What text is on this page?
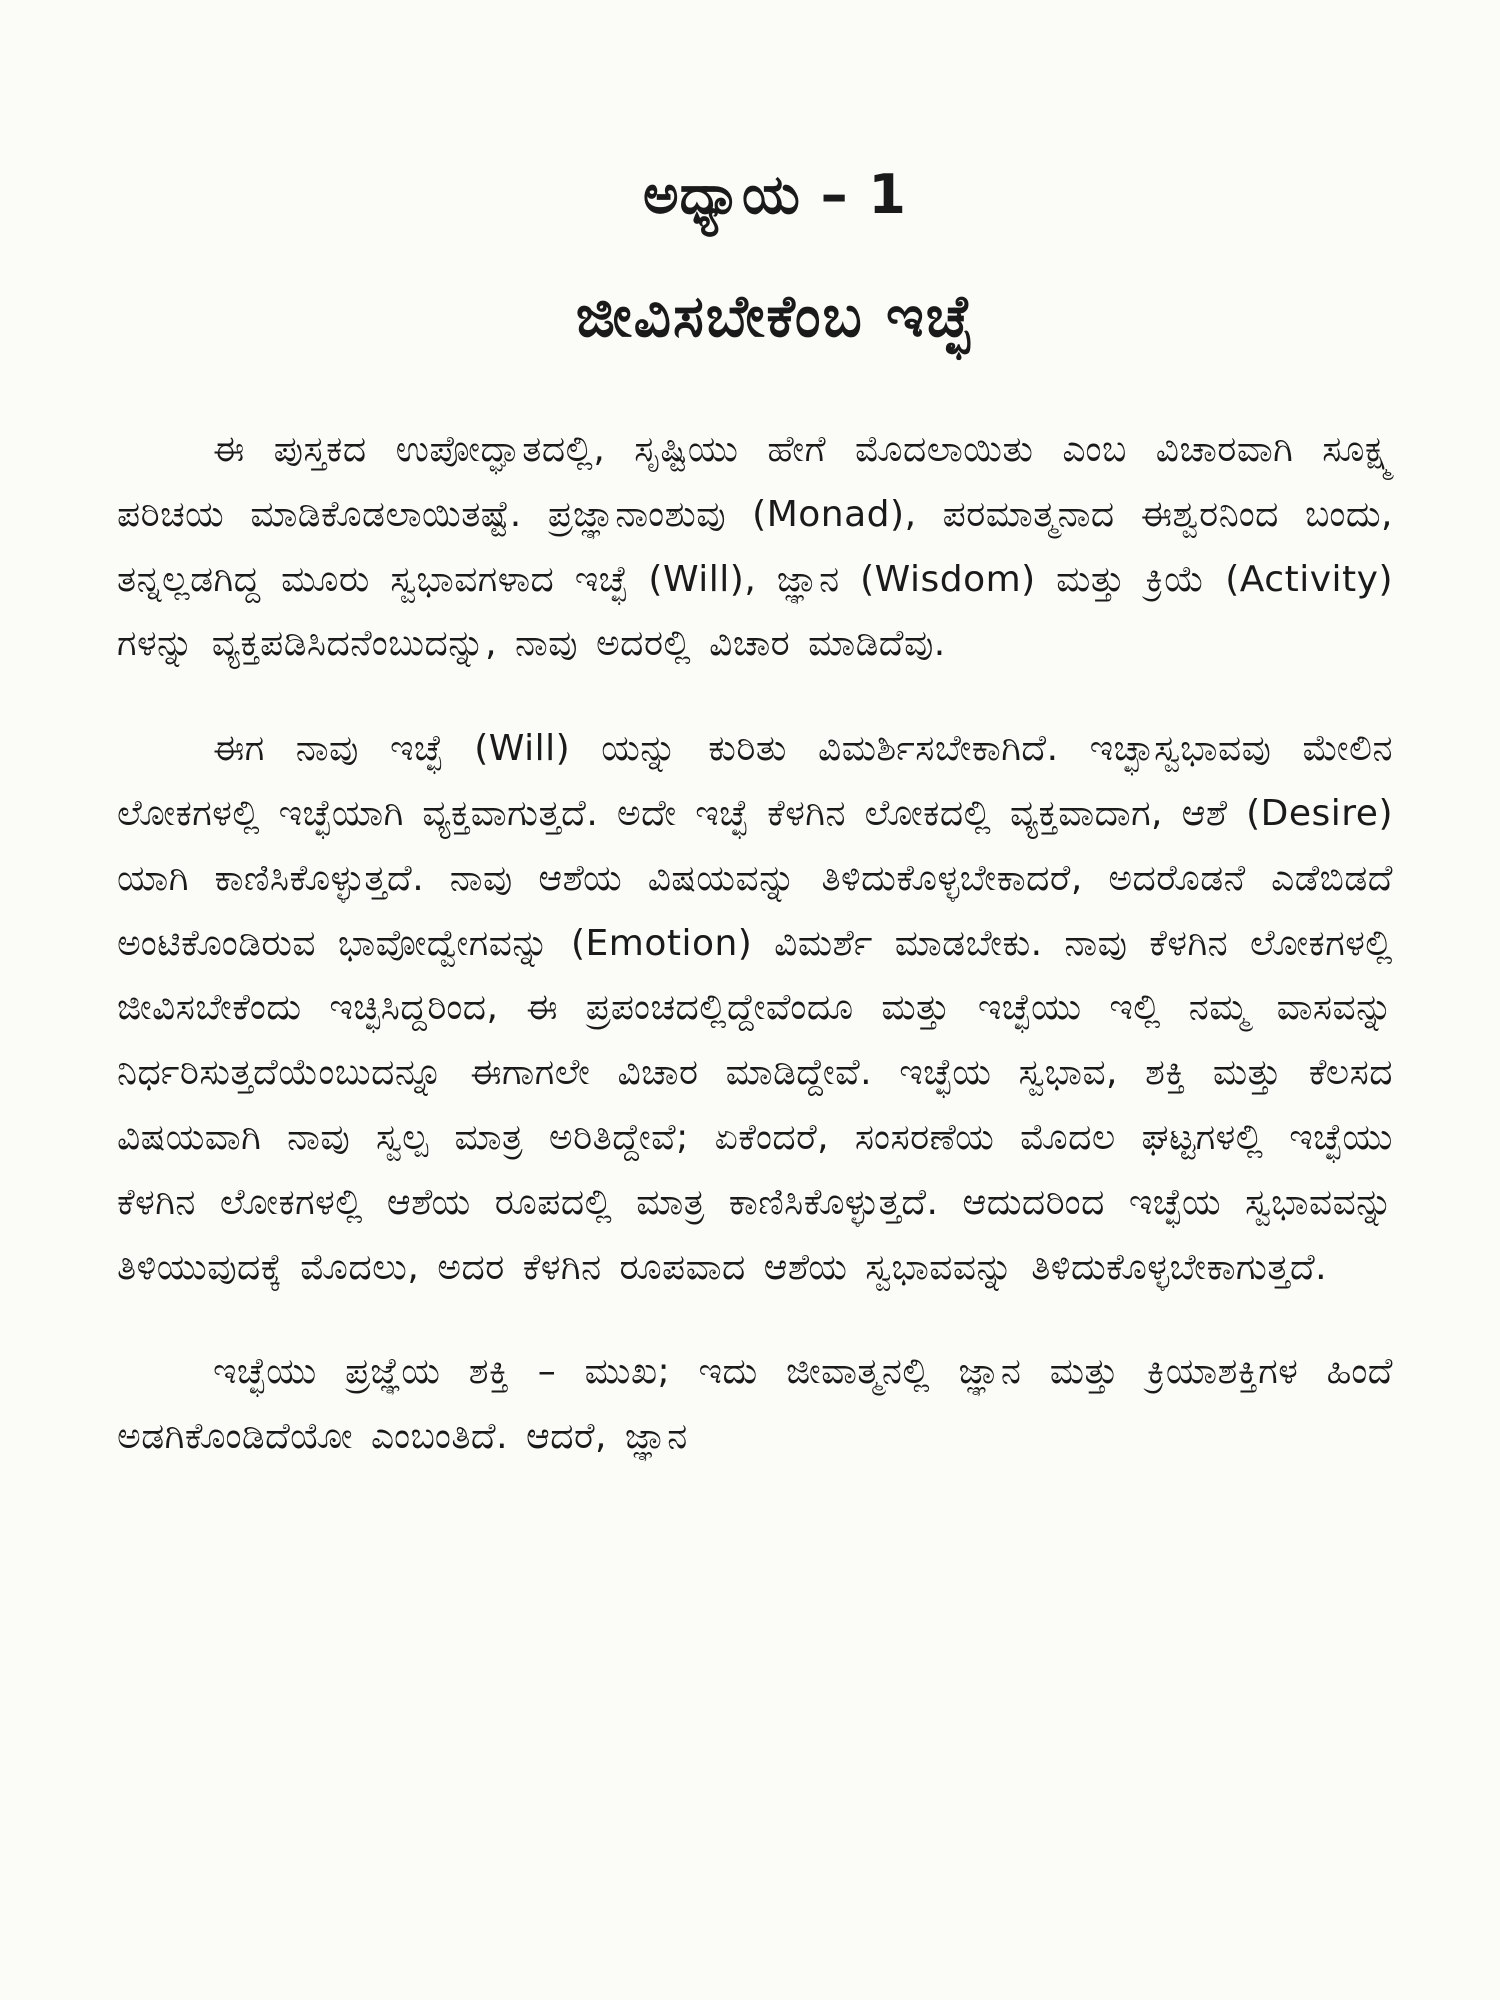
ಅಧ್ಯಾಯ – 1
ಜೀವಿಸಬೇಕೆಂಬ ಇಚ್ಛೆ

ಈ ಪುಸ್ತಕದ ಉಪೋದ್ಘಾತದಲ್ಲಿ, ಸೃಷ್ಟಿಯು ಹೇಗೆ ಮೊದಲಾಯಿತು ಎಂಬ ವಿಚಾರವಾಗಿ ಸೂಕ್ಷ್ಮ ಪರಿಚಯ ಮಾಡಿಕೊಡಲಾಯಿತಷ್ಟೆ. ಪ್ರಜ್ಞಾನಾಂಶುವು (Monad), ಪರಮಾತ್ಮನಾದ ಈಶ್ವರನಿಂದ ಬಂದು, ತನ್ನಲ್ಲಡಗಿದ್ದ ಮೂರು ಸ್ವಭಾವಗಳಾದ ಇಚ್ಛೆ (Will), ಜ್ಞಾನ (Wisdom) ಮತ್ತು ಕ್ರಿಯೆ (Activity) ಗಳನ್ನು ವ್ಯಕ್ತಪಡಿಸಿದನೆಂಬುದನ್ನು, ನಾವು ಅದರಲ್ಲಿ ವಿಚಾರ ಮಾಡಿದೆವು.

ಈಗ ನಾವು ಇಚ್ಛೆ (Will) ಯನ್ನು ಕುರಿತು ವಿಮರ್ಶಿಸಬೇಕಾಗಿದೆ. ಇಚ್ಛಾಸ್ವಭಾವವು ಮೇಲಿನ ಲೋಕಗಳಲ್ಲಿ ಇಚ್ಛೆಯಾಗಿ ವ್ಯಕ್ತವಾಗುತ್ತದೆ. ಅದೇ ಇಚ್ಛೆ ಕೆಳಗಿನ ಲೋಕದಲ್ಲಿ ವ್ಯಕ್ತವಾದಾಗ, ಆಶೆ (Desire) ಯಾಗಿ ಕಾಣಿಸಿಕೊಳ್ಳುತ್ತದೆ. ನಾವು ಆಶೆಯ ವಿಷಯವನ್ನು ತಿಳಿದುಕೊಳ್ಳಬೇಕಾದರೆ, ಅದರೊಡನೆ ಎಡೆಬಿಡದೆ ಅಂಟಿಕೊಂಡಿರುವ ಭಾವೋದ್ವೇಗವನ್ನು (Emotion) ವಿಮರ್ಶೆ ಮಾಡಬೇಕು. ನಾವು ಕೆಳಗಿನ ಲೋಕಗಳಲ್ಲಿ ಜೀವಿಸಬೇಕೆಂದು ಇಚ್ಛಿಸಿದ್ದರಿಂದ, ಈ ಪ್ರಪಂಚದಲ್ಲಿದ್ದೇವೆಂದೂ ಮತ್ತು ಇಚ್ಛೆಯು ಇಲ್ಲಿ ನಮ್ಮ ವಾಸವನ್ನು ನಿರ್ಧರಿಸುತ್ತದೆಯೆಂಬುದನ್ನೂ ಈಗಾಗಲೇ ವಿಚಾರ ಮಾಡಿದ್ದೇವೆ. ಇಚ್ಛೆಯ ಸ್ವಭಾವ, ಶಕ್ತಿ ಮತ್ತು ಕೆಲಸದ ವಿಷಯವಾಗಿ ನಾವು ಸ್ವಲ್ಪ ಮಾತ್ರ ಅರಿತಿದ್ದೇವೆ; ಏಕೆಂದರೆ, ಸಂಸರಣೆಯ ಮೊದಲ ಘಟ್ಟಗಳಲ್ಲಿ ಇಚ್ಛೆಯು ಕೆಳಗಿನ ಲೋಕಗಳಲ್ಲಿ ಆಶೆಯ ರೂಪದಲ್ಲಿ ಮಾತ್ರ ಕಾಣಿಸಿಕೊಳ್ಳುತ್ತದೆ. ಆದುದರಿಂದ ಇಚ್ಛೆಯ ಸ್ವಭಾವವನ್ನು ತಿಳಿಯುವುದಕ್ಕೆ ಮೊದಲು, ಅದರ ಕೆಳಗಿನ ರೂಪವಾದ ಆಶೆಯ ಸ್ವಭಾವವನ್ನು ತಿಳಿದುಕೊಳ್ಳಬೇಕಾಗುತ್ತದೆ.

ಇಚ್ಛೆಯು ಪ್ರಜ್ಞೆಯ ಶಕ್ತಿ – ಮುಖ; ಇದು ಜೀವಾತ್ಮನಲ್ಲಿ ಜ್ಞಾನ ಮತ್ತು ಕ್ರಿಯಾಶಕ್ತಿಗಳ ಹಿಂದೆ ಅಡಗಿಕೊಂಡಿದೆಯೋ ಎಂಬಂತಿದೆ. ಆದರೆ, ಜ್ಞಾನ
